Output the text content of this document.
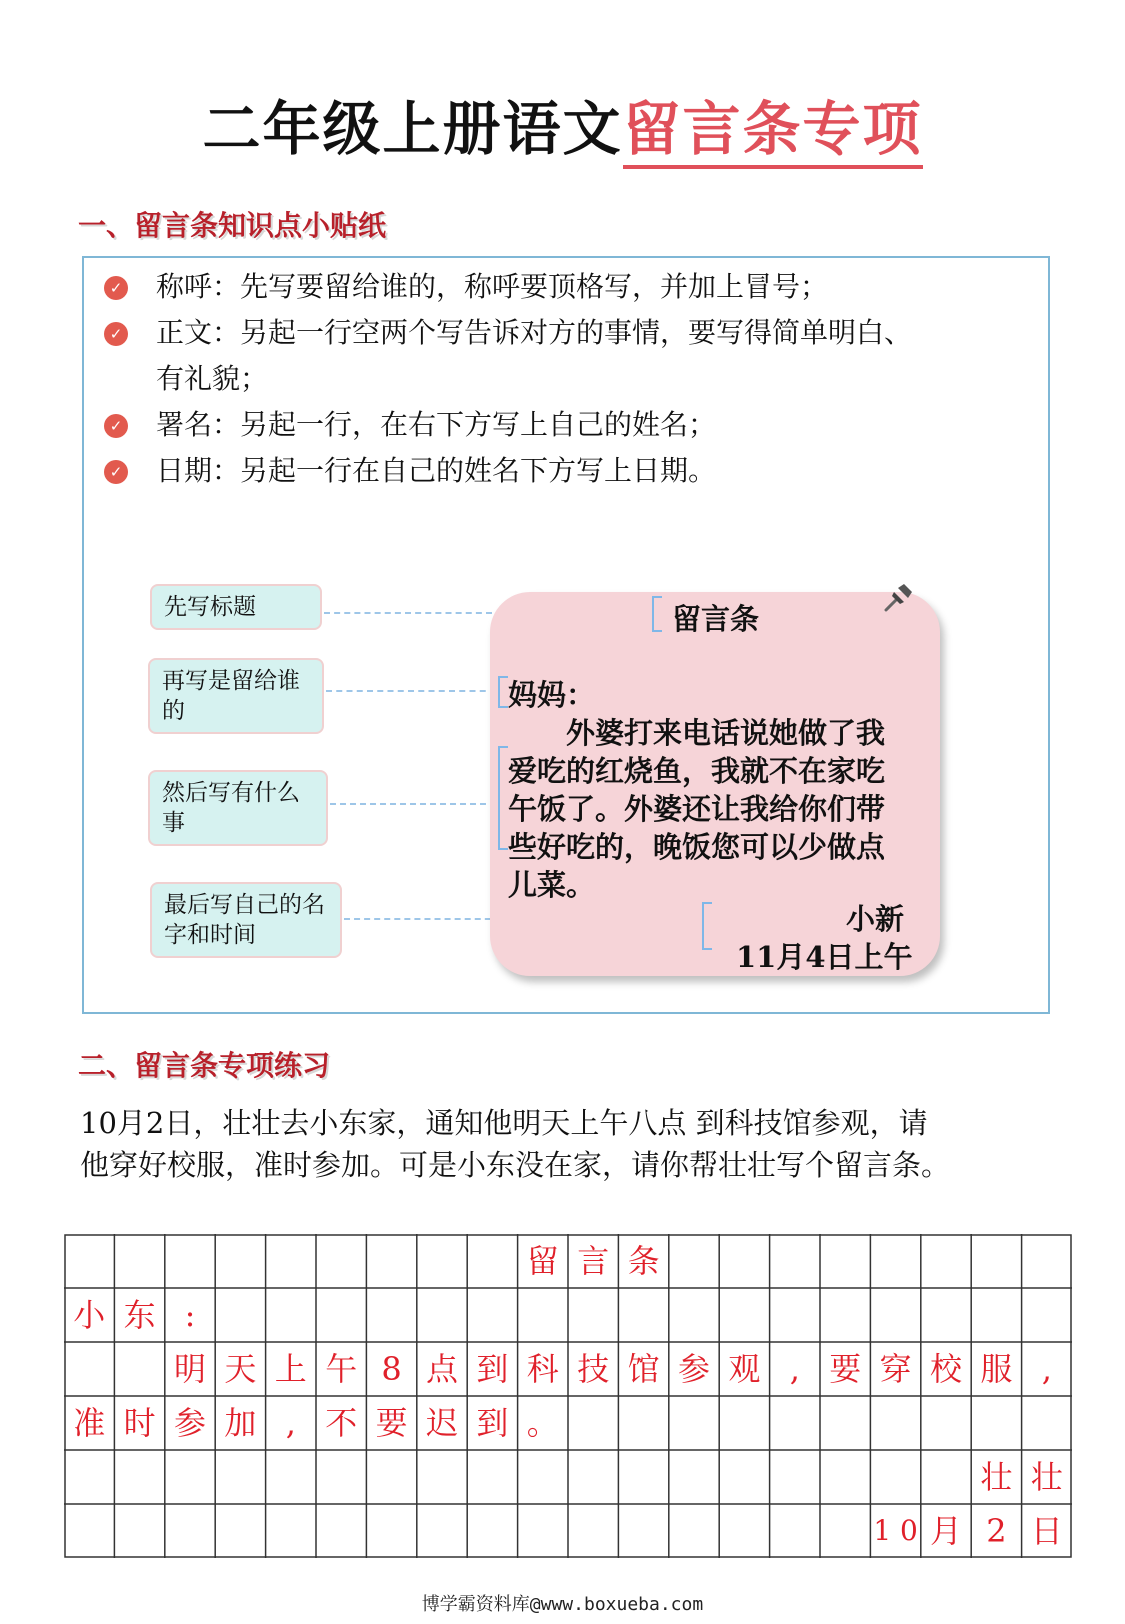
二年级上册语文留言条专项
一、留言条知识点小贴纸
✓ 称呼：先写要留给谁的，称呼要顶格写，并加上冒号；
✓ 正文：另起一行空两个写告诉对方的事情，要写得简单明白、
有礼貌；
✓ 署名：另起一行，在右下方写上自己的姓名；
✓ 日期：另起一行在自己的姓名下方写上日期。
先写标题
再写是留给谁的
然后写有什么事
最后写自己的名字和时间
留言条
妈妈：
外婆打来电话说她做了我
爱吃的红烧鱼，我就不在家吃
午饭了。外婆还让我给你们带
些好吃的，晚饭您可以少做点
儿菜。
小新
11月4日上午
二、留言条专项练习
10月2日，壮壮去小东家，通知他明天上午八点 到科技馆参观，请
他穿好校服，准时参加。可是小东没在家，请你帮壮壮写个留言条。
留 言 条
小 东 :
明 天 上 午 8 点 到 科 技 馆 参 观 , 要 穿 校 服 ,
准 时 参 加 , 不 要 迟 到 。
壮 壮
1 0 月 2 日
博学霸资料库@www.boxueba.com
